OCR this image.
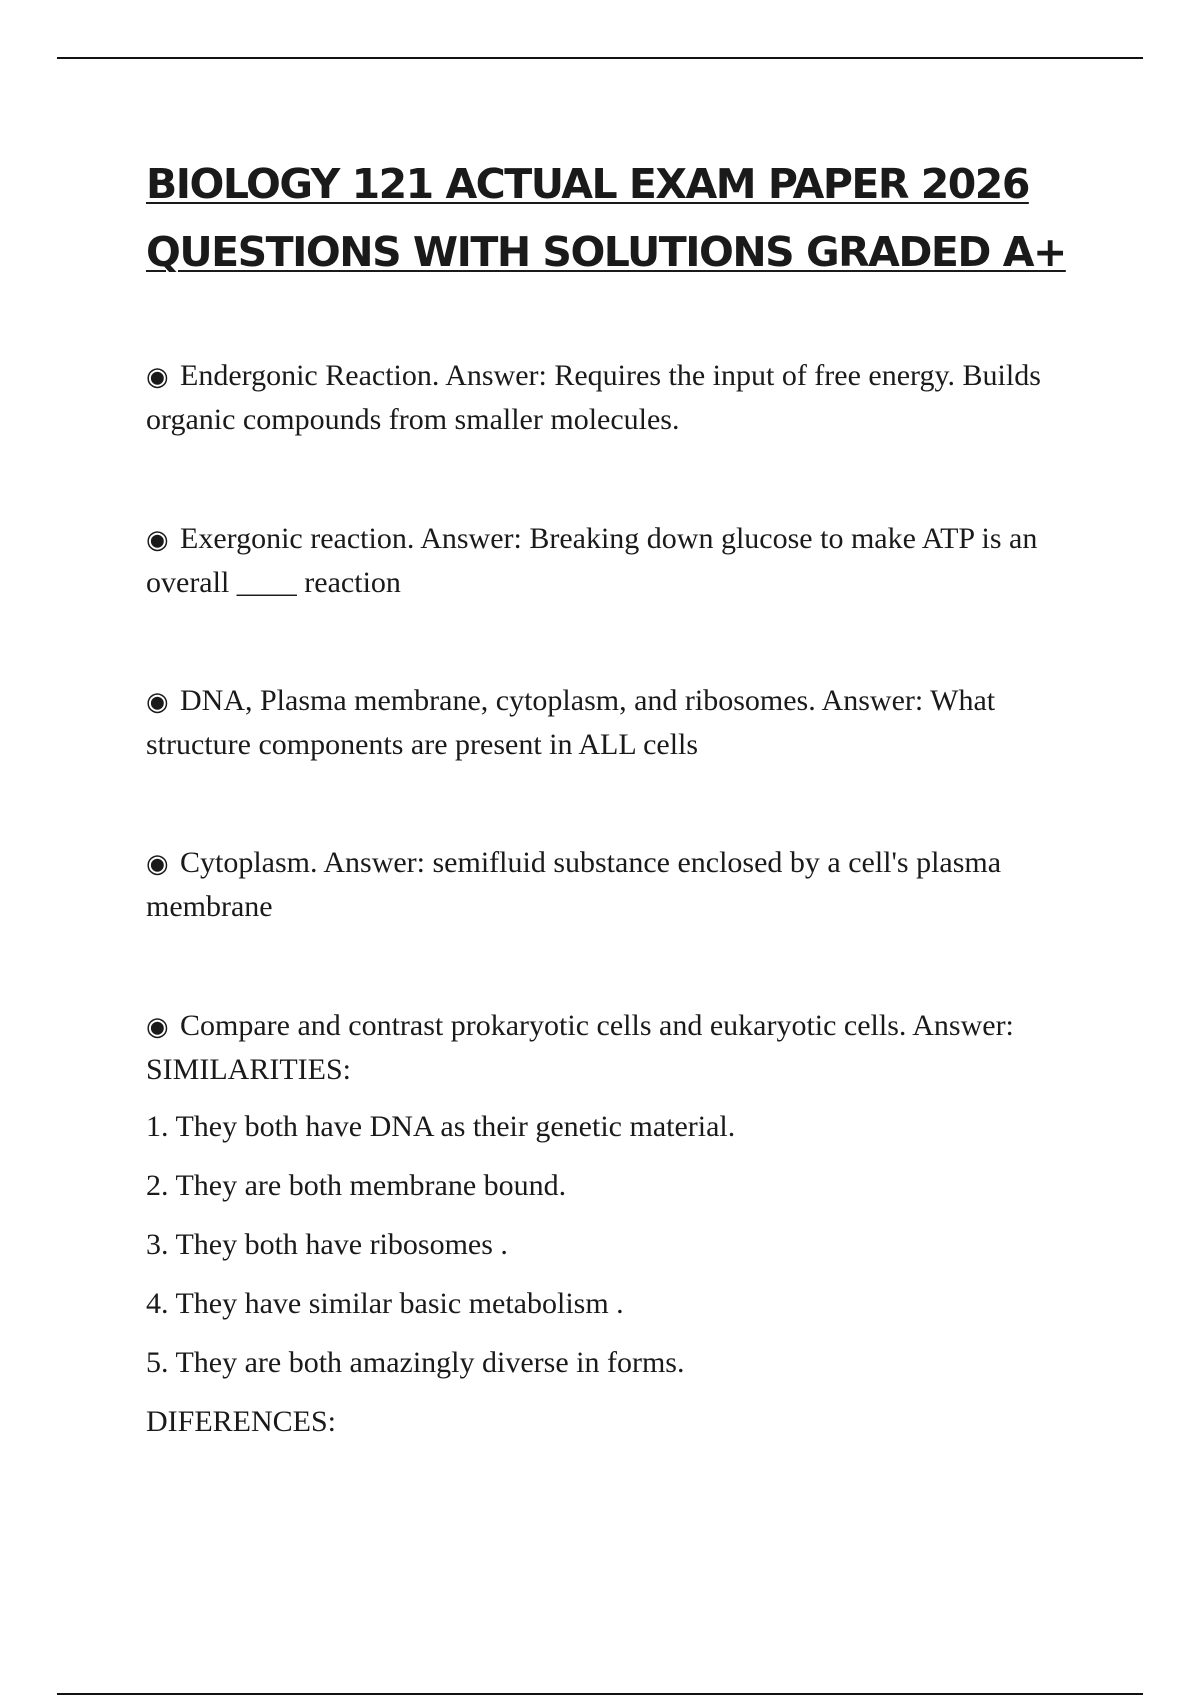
BIOLOGY 121 ACTUAL EXAM PAPER 2026
QUESTIONS WITH SOLUTIONS GRADED A+

◉ Endergonic Reaction. Answer: Requires the input of free energy. Builds organic compounds from smaller molecules.

◉ Exergonic reaction. Answer: Breaking down glucose to make ATP is an overall ____ reaction

◉ DNA, Plasma membrane, cytoplasm, and ribosomes. Answer: What structure components are present in ALL cells

◉ Cytoplasm. Answer: semifluid substance enclosed by a cell's plasma membrane

◉ Compare and contrast prokaryotic cells and eukaryotic cells. Answer: SIMILARITIES:

1. They both have DNA as their genetic material.

2. They are both membrane bound.

3. They both have ribosomes .

4. They have similar basic metabolism .

5. They are both amazingly diverse in forms.

DIFERENCES:
